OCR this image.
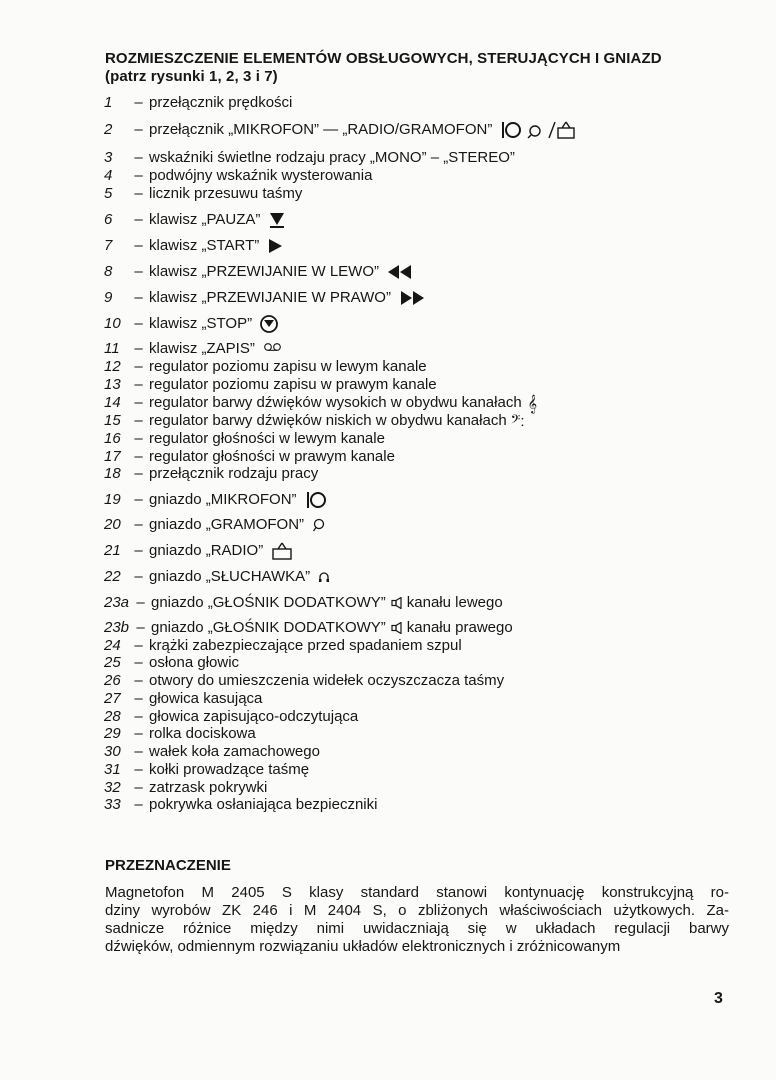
ROZMIESZCZENIE ELEMENTÓW OBSŁUGOWYCH, STERUJĄCYCH I GNIAZD
(patrz rysunki 1, 2, 3 i 7)
1 – przełącznik prędkości
2 – przełącznik „MIKROFON” — „RADIO/GRAMOFON”
3 – wskaźniki świetlne rodzaju pracy „MONO” – „STEREO”
4 – podwójny wskaźnik wysterowania
5 – licznik przesuwu taśmy
6 – klawisz „PAUZA”
7 – klawisz „START”
8 – klawisz „PRZEWIJANIE W LEWO”
9 – klawisz „PRZEWIJANIE W PRAWO”
10 – klawisz „STOP”
11 – klawisz „ZAPIS”
12 – regulator poziomu zapisu w lewym kanale
13 – regulator poziomu zapisu w prawym kanale
14 – regulator barwy dźwięków wysokich w obydwu kanałach 𝄞
15 – regulator barwy dźwięków niskich w obydwu kanałach 𝄢:
16 – regulator głośności w lewym kanale
17 – regulator głośności w prawym kanale
18 – przełącznik rodzaju pracy
19 – gniazdo „MIKROFON”
20 – gniazdo „GRAMOFON”
21 – gniazdo „RADIO”
22 – gniazdo „SŁUCHAWKA”
23a – gniazdo „GŁOŚNIK DODATKOWY” kanału lewego
23b – gniazdo „GŁOŚNIK DODATKOWY” kanału prawego
24 – krążki zabezpieczające przed spadaniem szpul
25 – osłona głowic
26 – otwory do umieszczenia widełek oczyszczacza taśmy
27 – głowica kasująca
28 – głowica zapisująco-odczytująca
29 – rolka dociskowa
30 – wałek koła zamachowego
31 – kołki prowadzące taśmę
32 – zatrzask pokrywki
33 – pokrywka osłaniająca bezpieczniki
PRZEZNACZENIE
Magnetofon M 2405 S klasy standard stanowi kontynuację konstrukcyjną ro-
dziny wyrobów ZK 246 i M 2404 S, o zbliżonych właściwościach użytkowych. Za-
sadnicze różnice między nimi uwidaczniają się w układach regulacji barwy
dźwięków, odmiennym rozwiązaniu układów elektronicznych i zróżnicowanym
3
